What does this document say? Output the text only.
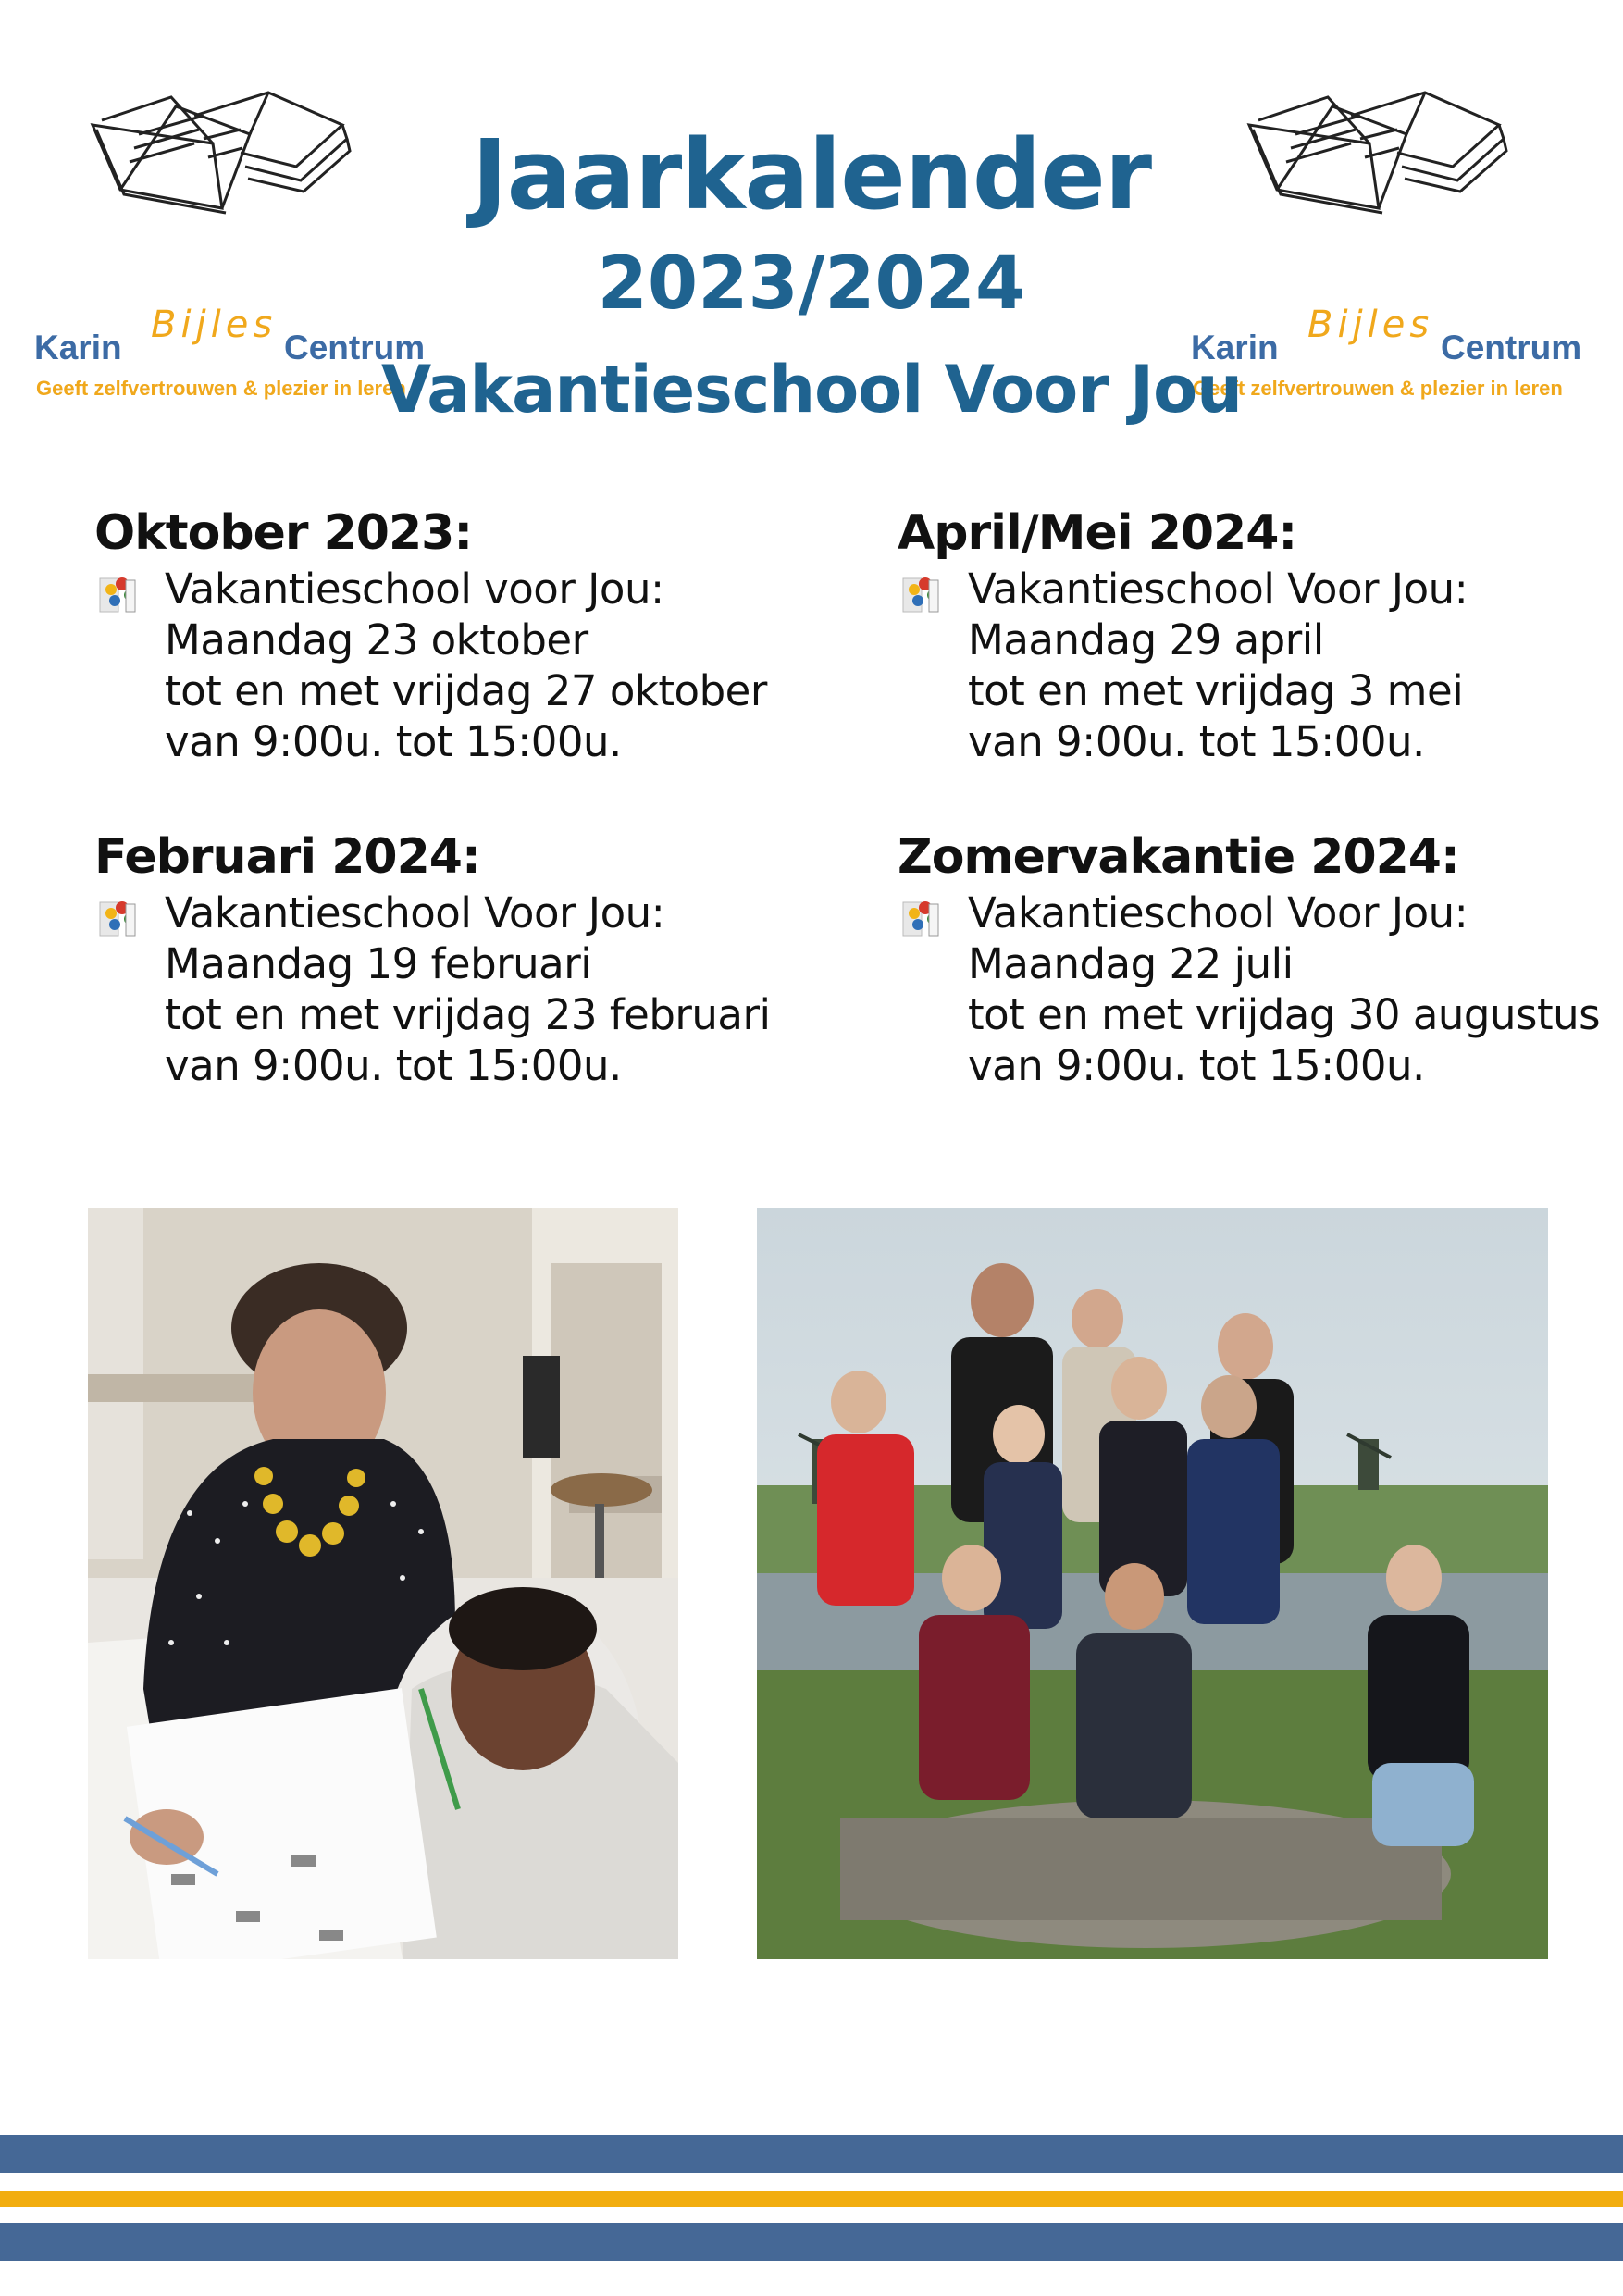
Karin
Bijles
Centrum
Geeft zelfvertrouwen & plezier in leren
Karin
Bijles
Centrum
Geeft zelfvertrouwen & plezier in leren
Jaarkalender
2023/2024
Vakantieschool Voor Jou
Oktober 2023:
Vakantieschool voor Jou:
Maandag 23 oktober
tot en met vrijdag 27 oktober
van 9:00u. tot 15:00u.
April/Mei 2024:
Vakantieschool Voor Jou:
Maandag 29 april
tot en met vrijdag 3 mei
van 9:00u. tot 15:00u.
Februari 2024:
Vakantieschool Voor Jou:
Maandag 19 februari
tot en met vrijdag 23 februari
van 9:00u. tot 15:00u.
Zomervakantie 2024:
Vakantieschool Voor Jou:
Maandag 22 juli
tot en met vrijdag 30 augustus
van 9:00u. tot 15:00u.
